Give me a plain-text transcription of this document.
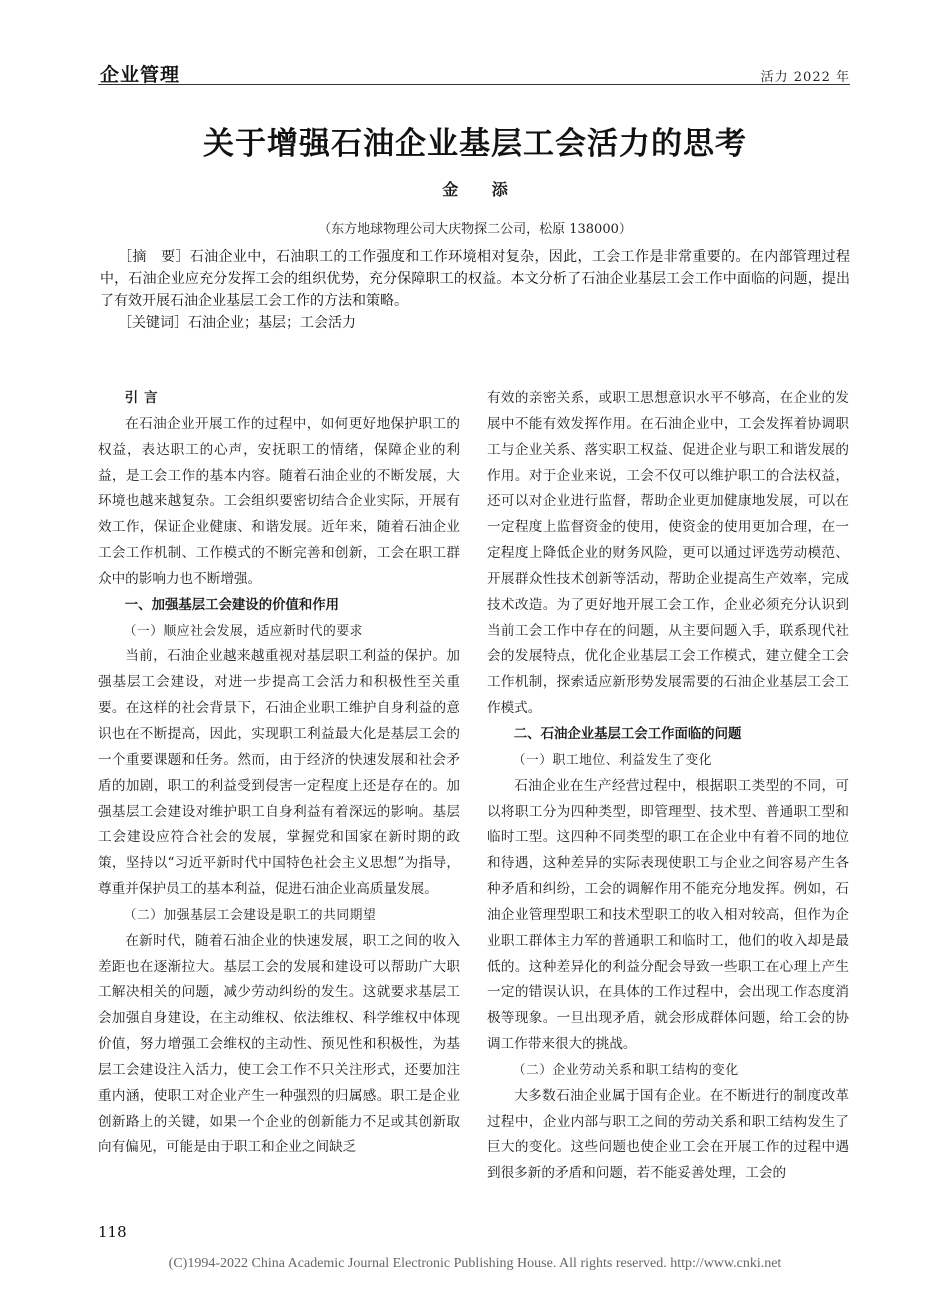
企业管理	活力 2022 年
关于增强石油企业基层工会活力的思考
金 添
（东方地球物理公司大庆物探二公司，松原 138000）
［摘　要］石油企业中，石油职工的工作强度和工作环境相对复杂，因此，工会工作是非常重要的。在内部管理过程中，石油企业应充分发挥工会的组织优势，充分保障职工的权益。本文分析了石油企业基层工会工作中面临的问题，提出了有效开展石油企业基层工会工作的方法和策略。
［关键词］石油企业；基层；工会活力
引言

在石油企业开展工作的过程中，如何更好地保护职工的权益，表达职工的心声，安抚职工的情绪，保障企业的利益，是工会工作的基本内容。随着石油企业的不断发展，大环境也越来越复杂。工会组织要密切结合企业实际，开展有效工作，保证企业健康、和谐发展。近年来，随着石油企业工会工作机制、工作模式的不断完善和创新，工会在职工群众中的影响力也不断增强。

一、加强基层工会建设的价值和作用
（一）顺应社会发展，适应新时代的要求

当前，石油企业越来越重视对基层职工利益的保护。加强基层工会建设，对进一步提高工会活力和积极性至关重要。在这样的社会背景下，石油企业职工维护自身利益的意识也在不断提高，因此，实现职工利益最大化是基层工会的一个重要课题和任务。然而，由于经济的快速发展和社会矛盾的加剧，职工的利益受到侵害一定程度上还是存在的。加强基层工会建设对维护职工自身利益有着深远的影响。基层工会建设应符合社会的发展，掌握党和国家在新时期的政策，坚持以“习近平新时代中国特色社会主义思想”为指导，尊重并保护员工的基本利益，促进石油企业高质量发展。

（二）加强基层工会建设是职工的共同期望

在新时代，随着石油企业的快速发展，职工之间的收入差距也在逐渐拉大。基层工会的发展和建设可以帮助广大职工解决相关的问题，减少劳动纠纷的发生。这就要求基层工会加强自身建设，在主动维权、依法维权、科学维权中体现价值，努力增强工会维权的主动性、预见性和积极性，为基层工会建设注入活力，使工会工作不只关注形式，还要加注重内涵，使职工对企业产生一种强烈的归属感。职工是企业创新路上的关键，如果一个企业的创新能力不足或其创新取向有偏见，可能是由于职工和企业之间缺乏

有效的亲密关系，或职工思想意识水平不够高，在企业的发展中不能有效发挥作用。在石油企业中，工会发挥着协调职工与企业关系、落实职工权益、促进企业与职工和谐发展的作用。对于企业来说，工会不仅可以维护职工的合法权益，还可以对企业进行监督，帮助企业更加健康地发展，可以在一定程度上监督资金的使用，使资金的使用更加合理，在一定程度上降低企业的财务风险，更可以通过评选劳动模范、开展群众性技术创新等活动，帮助企业提高生产效率，完成技术改造。为了更好地开展工会工作，企业必须充分认识到当前工会工作中存在的问题，从主要问题入手，联系现代社会的发展特点，优化企业基层工会工作模式，建立健全工会工作机制，探索适应新形势发展需要的石油企业基层工会工作模式。

二、石油企业基层工会工作面临的问题
（一）职工地位、利益发生了变化

石油企业在生产经营过程中，根据职工类型的不同，可以将职工分为四种类型，即管理型、技术型、普通职工型和临时工型。这四种不同类型的职工在企业中有着不同的地位和待遇，这种差异的实际表现使职工与企业之间容易产生各种矛盾和纠纷，工会的调解作用不能充分地发挥。例如，石油企业管理型职工和技术型职工的收入相对较高，但作为企业职工群体主力军的普通职工和临时工，他们的收入却是最低的。这种差异化的利益分配会导致一些职工在心理上产生一定的错误认识，在具体的工作过程中，会出现工作态度消极等现象。一旦出现矛盾，就会形成群体问题，给工会的协调工作带来很大的挑战。

（二）企业劳动关系和职工结构的变化

大多数石油企业属于国有企业。在不断进行的制度改革过程中，企业内部与职工之间的劳动关系和职工结构发生了巨大的变化。这些问题也使企业工会在开展工作的过程中遇到很多新的矛盾和问题，若不能妥善处理，工会的

118
(C)1994-2022 China Academic Journal Electronic Publishing House. All rights reserved. http://www.cnki.net
